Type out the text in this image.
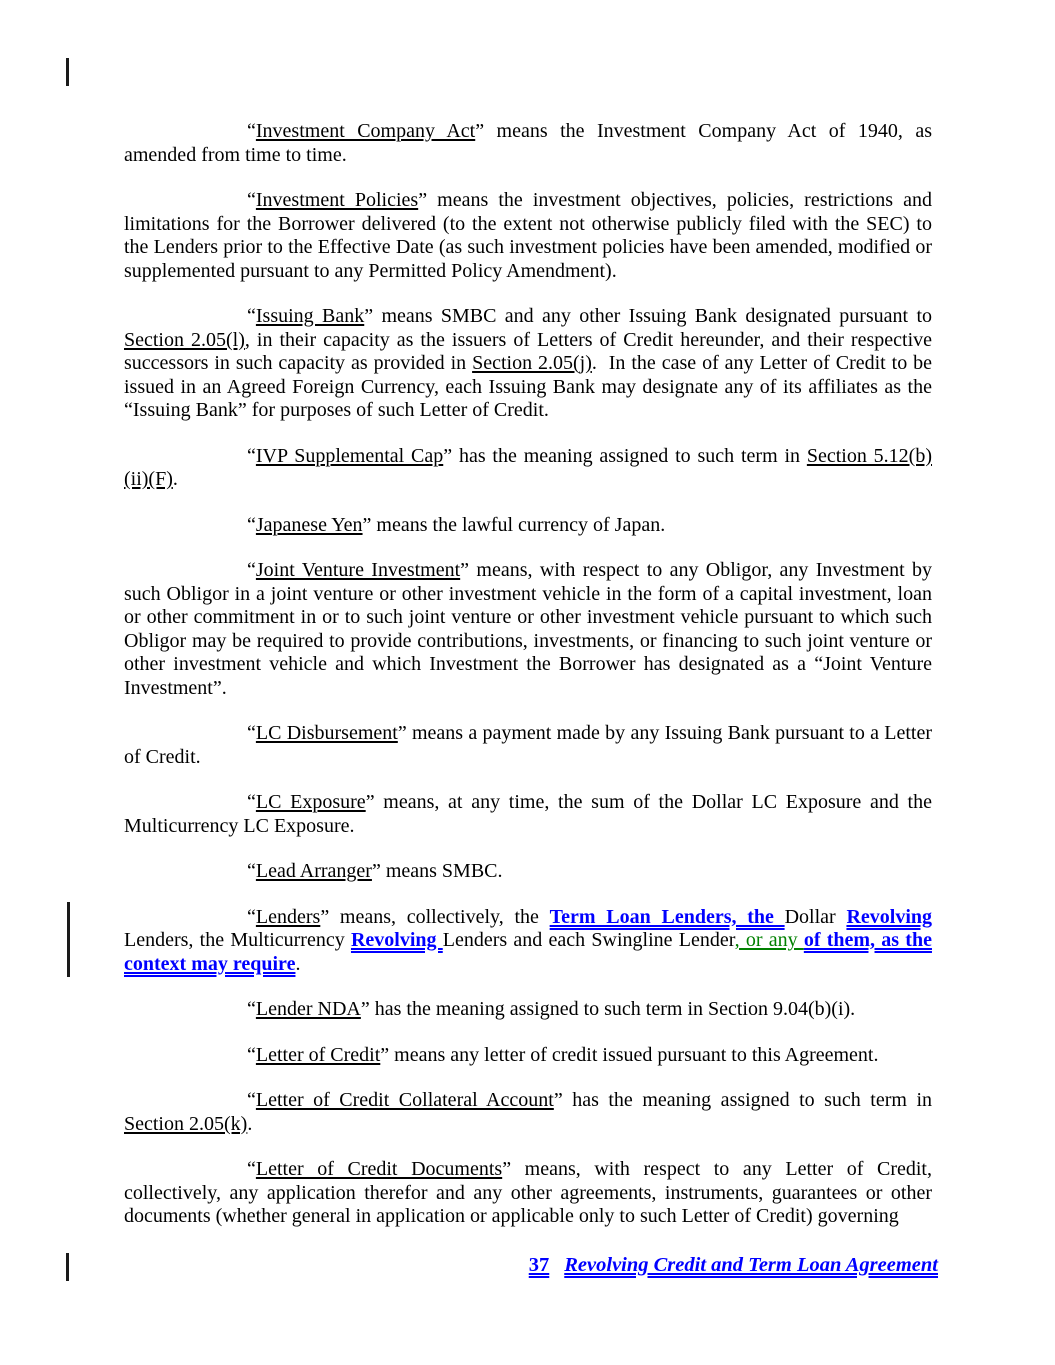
“Investment Company Act” means the Investment Company Act of 1940, as amended from time to time.

“Investment Policies” means the investment objectives, policies, restrictions and limitations for the Borrower delivered (to the extent not otherwise publicly filed with the SEC) to the Lenders prior to the Effective Date (as such investment policies have been amended, modified or supplemented pursuant to any Permitted Policy Amendment).

“Issuing Bank” means SMBC and any other Issuing Bank designated pursuant to Section 2.05(l), in their capacity as the issuers of Letters of Credit hereunder, and their respective successors in such capacity as provided in Section 2.05(j).  In the case of any Letter of Credit to be issued in an Agreed Foreign Currency, each Issuing Bank may designate any of its affiliates as the “Issuing Bank” for purposes of such Letter of Credit.

“IVP Supplemental Cap” has the meaning assigned to such term in Section 5.12(b)(ii)(F).

“Japanese Yen” means the lawful currency of Japan.

“Joint Venture Investment” means, with respect to any Obligor, any Investment by such Obligor in a joint venture or other investment vehicle in the form of a capital investment, loan or other commitment in or to such joint venture or other investment vehicle pursuant to which such Obligor may be required to provide contributions, investments, or financing to such joint venture or other investment vehicle and which Investment the Borrower has designated as a “Joint Venture Investment”.

“LC Disbursement” means a payment made by any Issuing Bank pursuant to a Letter of Credit.

“LC Exposure” means, at any time, the sum of the Dollar LC Exposure and the Multicurrency LC Exposure.

“Lead Arranger” means SMBC.

“Lenders” means, collectively, the Term Loan Lenders, the Dollar Revolving Lenders, the Multicurrency Revolving Lenders and each Swingline Lender, or any of them, as the context may require.

“Lender NDA” has the meaning assigned to such term in Section 9.04(b)(i).

“Letter of Credit” means any letter of credit issued pursuant to this Agreement.

“Letter of Credit Collateral Account” has the meaning assigned to such term in Section 2.05(k).

“Letter of Credit Documents” means, with respect to any Letter of Credit, collectively, any application therefor and any other agreements, instruments, guarantees or other documents (whether general in application or applicable only to such Letter of Credit) governing

37 Revolving Credit and Term Loan Agreement
